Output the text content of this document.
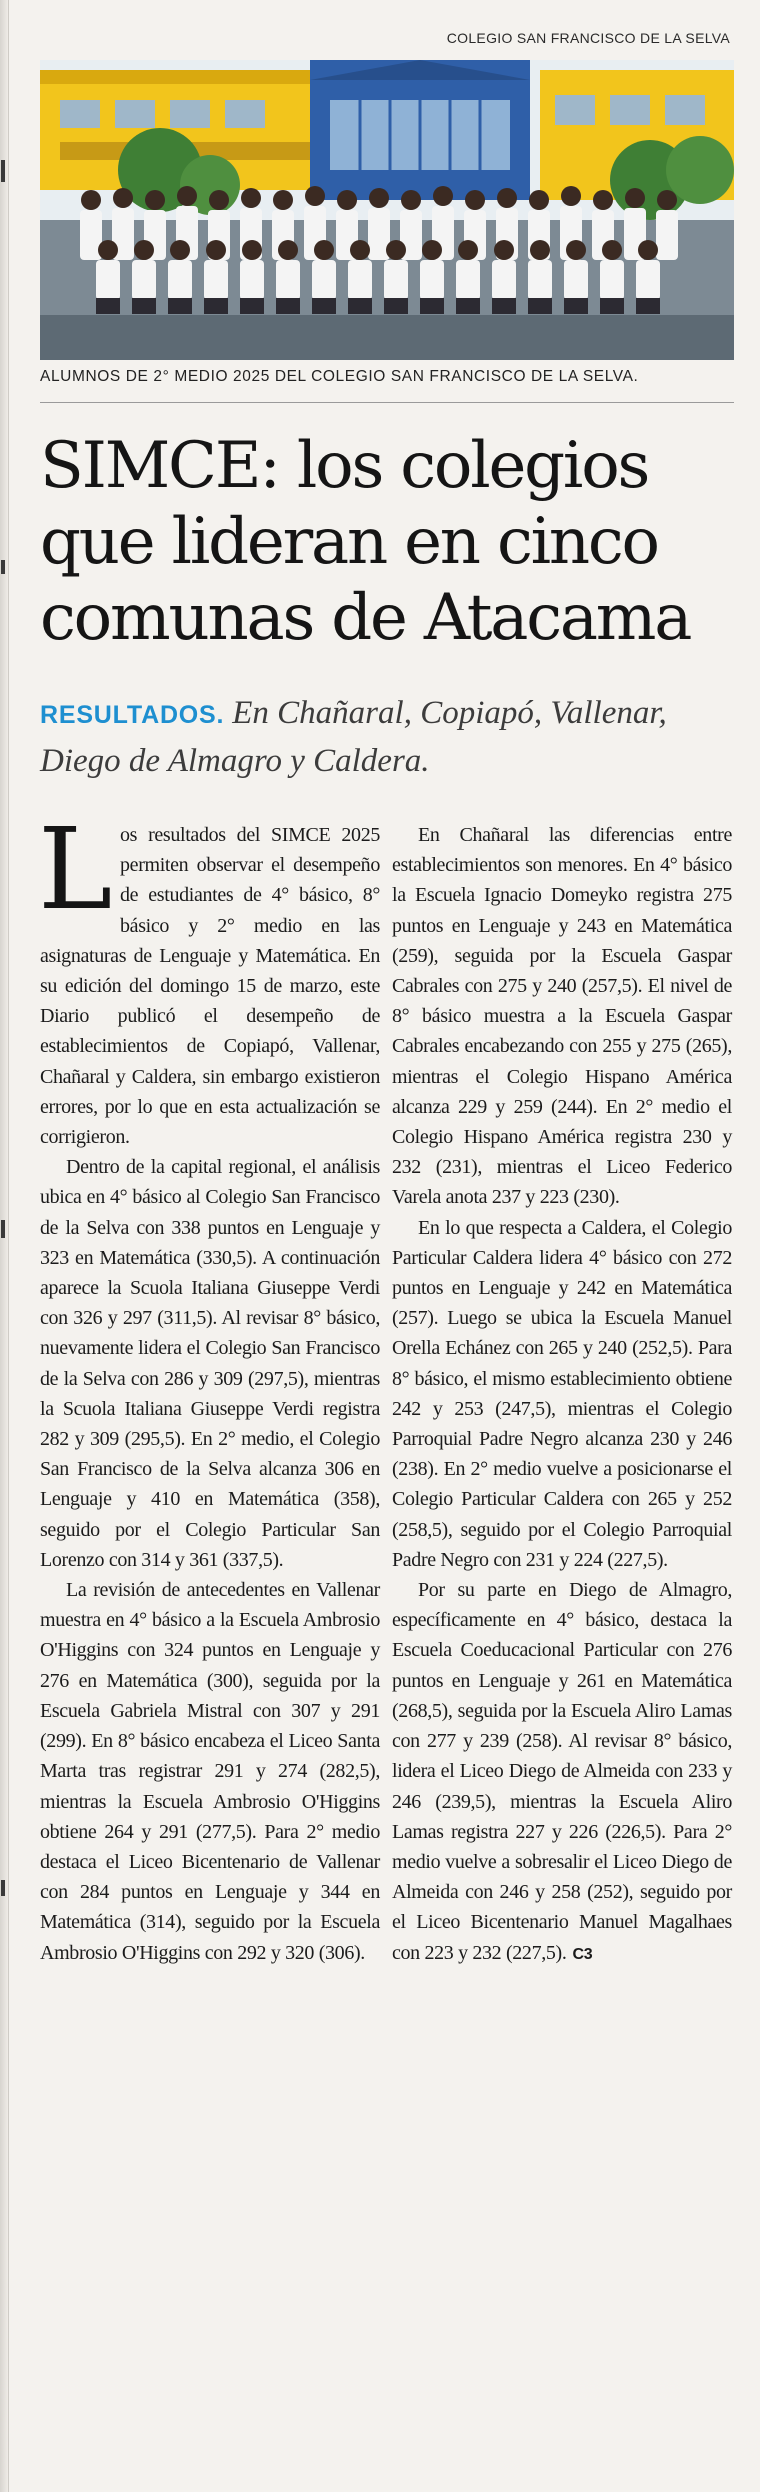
COLEGIO SAN FRANCISCO DE LA SELVA
ALUMNOS DE 2° MEDIO 2025 DEL COLEGIO SAN FRANCISCO DE LA SELVA.
SIMCE: los colegios
que lideran en cinco
comunas de Atacama
RESULTADOS. En Chañaral, Copiapó, Vallenar, Diego de Almagro y Caldera.

Los resultados del SIMCE 2025 permiten observar el desempeño de estudiantes de 4° básico, 8° básico y 2° medio en las asignaturas de Lenguaje y Matemática. En su edición del domingo 15 de marzo, este Diario publicó el desempeño de establecimientos de Copiapó, Vallenar, Chañaral y Caldera, sin embargo existieron errores, por lo que en esta actualización se corrigieron.

Dentro de la capital regional, el análisis ubica en 4° básico al Colegio San Francisco de la Selva con 338 puntos en Lenguaje y 323 en Matemática (330,5). A continuación aparece la Scuola Italiana Giuseppe Verdi con 326 y 297 (311,5). Al revisar 8° básico, nuevamente lidera el Colegio San Francisco de la Selva con 286 y 309 (297,5), mientras la Scuola Italiana Giuseppe Verdi registra 282 y 309 (295,5). En 2° medio, el Colegio San Francisco de la Selva alcanza 306 en Lenguaje y 410 en Matemática (358), seguido por el Colegio Particular San Lorenzo con 314 y 361 (337,5).

La revisión de antecedentes en Vallenar muestra en 4° básico a la Escuela Ambrosio O'Higgins con 324 puntos en Lenguaje y 276 en Matemática (300), seguida por la Escuela Gabriela Mistral con 307 y 291 (299). En 8° básico encabeza el Liceo Santa Marta tras registrar 291 y 274 (282,5), mientras la Escuela Ambrosio O'Higgins obtiene 264 y 291 (277,5). Para 2° medio destaca el Liceo Bicentenario de Vallenar con 284 puntos en Lenguaje y 344 en Matemática (314), seguido por la Escuela Ambrosio O'Higgins con 292 y 320 (306).

En Chañaral las diferencias entre establecimientos son menores. En 4° básico la Escuela Ignacio Domeyko registra 275 puntos en Lenguaje y 243 en Matemática (259), seguida por la Escuela Gaspar Cabrales con 275 y 240 (257,5). El nivel de 8° básico muestra a la Escuela Gaspar Cabrales encabezando con 255 y 275 (265), mientras el Colegio Hispano América alcanza 229 y 259 (244). En 2° medio el Colegio Hispano América registra 230 y 232 (231), mientras el Liceo Federico Varela anota 237 y 223 (230).

En lo que respecta a Caldera, el Colegio Particular Caldera lidera 4° básico con 272 puntos en Lenguaje y 242 en Matemática (257). Luego se ubica la Escuela Manuel Orella Echánez con 265 y 240 (252,5). Para 8° básico, el mismo establecimiento obtiene 242 y 253 (247,5), mientras el Colegio Parroquial Padre Negro alcanza 230 y 246 (238). En 2° medio vuelve a posicionarse el Colegio Particular Caldera con 265 y 252 (258,5), seguido por el Colegio Parroquial Padre Negro con 231 y 224 (227,5).

Por su parte en Diego de Almagro, específicamente en 4° básico, destaca la Escuela Coeducacional Particular con 276 puntos en Lenguaje y 261 en Matemática (268,5), seguida por la Escuela Aliro Lamas con 277 y 239 (258). Al revisar 8° básico, lidera el Liceo Diego de Almeida con 233 y 246 (239,5), mientras la Escuela Aliro Lamas registra 227 y 226 (226,5). Para 2° medio vuelve a sobresalir el Liceo Diego de Almeida con 246 y 258 (252), seguido por el Liceo Bicentenario Manuel Magalhaes con 223 y 232 (227,5). C3
